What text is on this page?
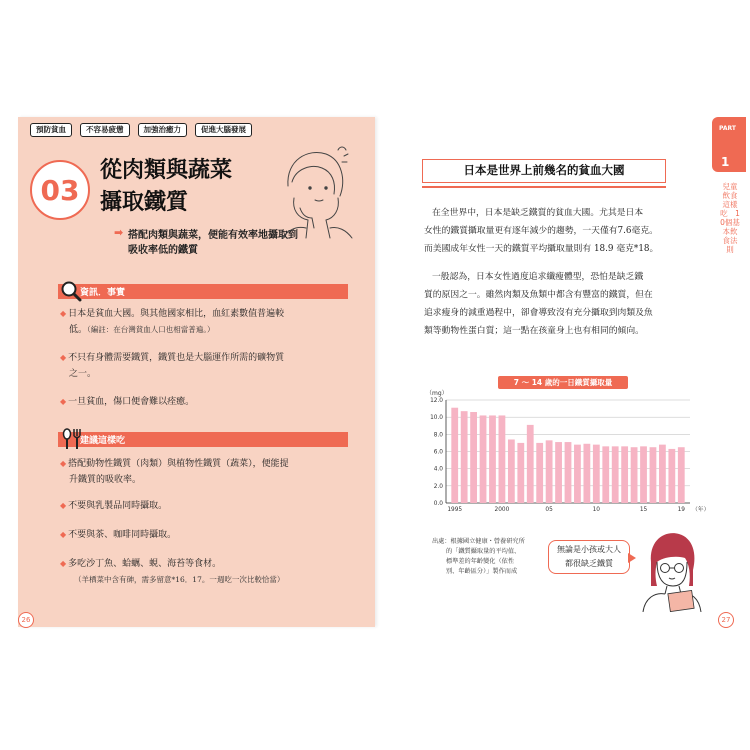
預防貧血	不容易疲憊	加強治癒力	促進大腦發展
03
從肉類與蔬菜
攝取鐵質
➡ 搭配肉類與蔬菜，便能有效率地攝取到
吸收率低的鐵質
資訊．事實
◆ 日本是貧血大國。與其他國家相比，血紅素數值普遍較
低。（編註：在台灣貧血人口也相當普遍。）
◆ 不只有身體需要鐵質，鐵質也是大腦運作所需的礦物質
之一。
◆ 一旦貧血，傷口便會難以痊癒。
建議這樣吃
◆ 搭配動物性鐵質（肉類）與植物性鐵質（蔬菜），便能提
升鐵質的吸收率。
◆ 不要與乳製品同時攝取。
◆ 不要與茶、咖啡同時攝取。
◆ 多吃沙丁魚、蛤蠣、蜆、海苔等食材。
（羊栖菜中含有砷，需多留意*16．17。一週吃一次比較恰當）
26
PART
1
兒童飲食這樣吃　10個基本飲食法則
日本是世界上前幾名的貧血大國
在全世界中，日本是缺乏鐵質的貧血大國。尤其是日本
女性的鐵質攝取量更有逐年減少的趨勢，一天僅有7.6毫克。
而美國成年女性一天的鐵質平均攝取量則有 18.9 毫克*18。
一般認為，日本女性過度追求纖瘦體型，恐怕是缺乏鐵
質的原因之一。雖然肉類及魚類中都含有豐富的鐵質，但在
追求瘦身的減重過程中，卻會導致沒有充分攝取到肉類及魚
類等動物性蛋白質；這一點在孩童身上也有相同的傾向。
7 ～ 14 歲的一日鐵質攝取量
（mg）
0.0
2.0
4.0
6.0
8.0
10.0
12.0
1995	2000	05	10	15	19 （年）
出處：根據國立健康・營養研究所
的「鐵質攝取量的平均值、
標準差的年齡變化（依性
別、年齡區分）」製作而成
無論是小孩或大人
都很缺乏鐵質
27
